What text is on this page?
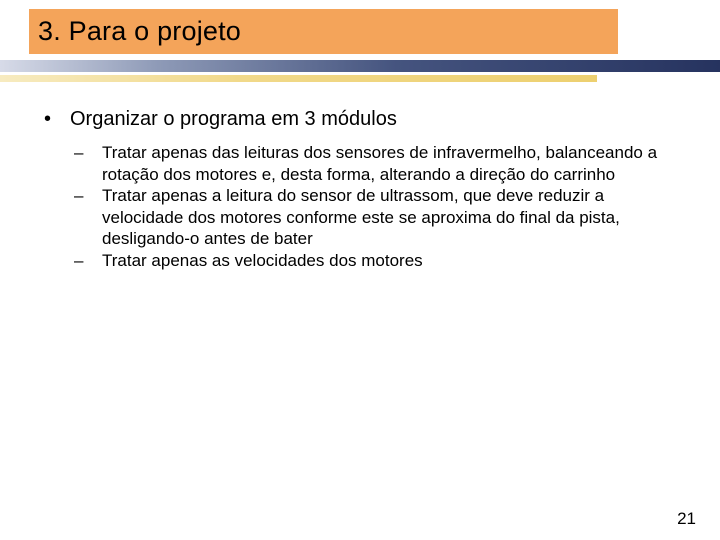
3. Para o projeto
• Organizar o programa em 3 módulos
–	Tratar apenas das leituras dos sensores de infravermelho, balanceando a rotação dos motores e, desta forma, alterando a direção do carrinho
–	Tratar apenas a leitura do sensor de ultrassom, que deve reduzir a velocidade dos motores conforme este se aproxima do final da pista, desligando-o antes de bater
–	Tratar apenas as velocidades dos motores
21
